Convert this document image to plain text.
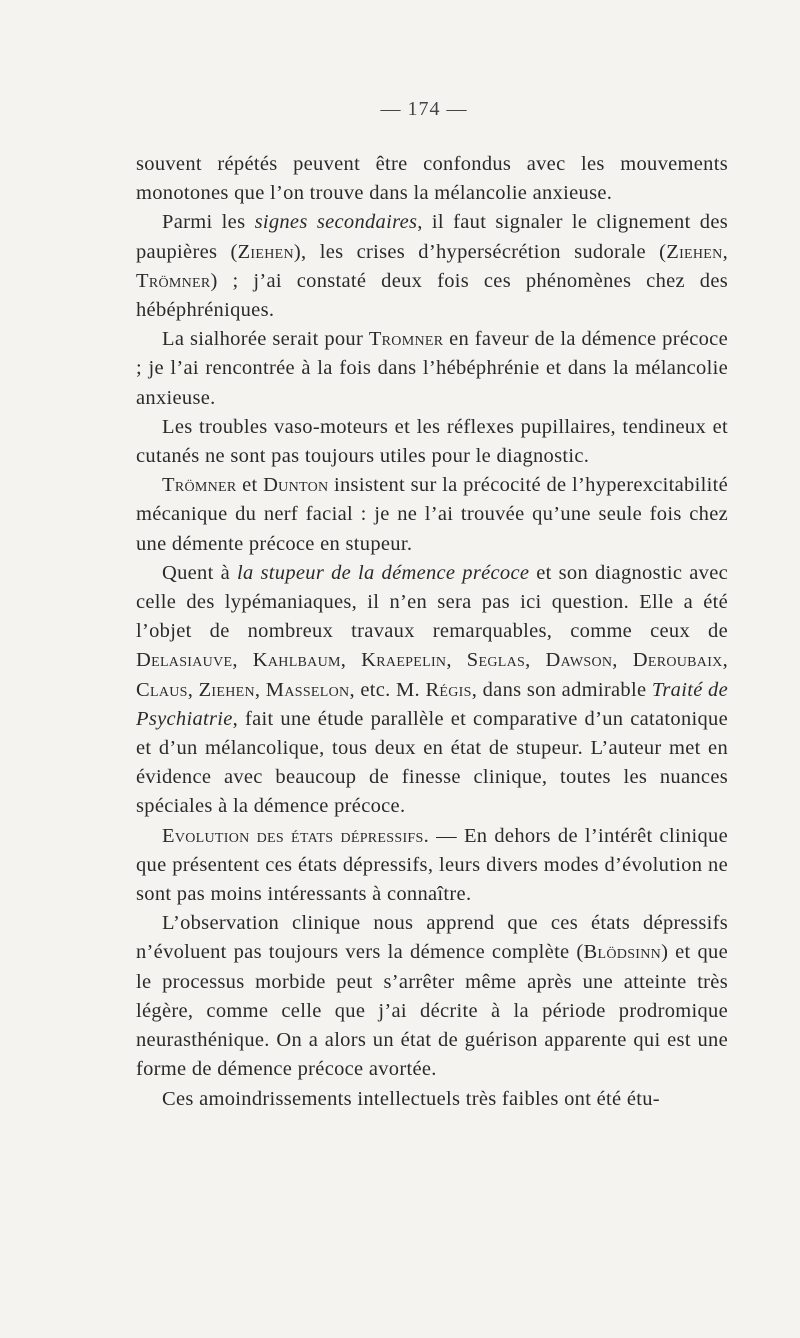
— 174 —

souvent répétés peuvent être confondus avec les mouvements monotones que l’on trouve dans la mélancolie anxieuse.

Parmi les signes secondaires, il faut signaler le clignement des paupières (Ziehen), les crises d’hypersécrétion sudorale (Ziehen, Trömner) ; j’ai constaté deux fois ces phénomènes chez des hébéphréniques.

La sialhorée serait pour Tromner en faveur de la démence précoce ; je l’ai rencontrée à la fois dans l’hébéphrénie et dans la mélancolie anxieuse.

Les troubles vaso-moteurs et les réflexes pupillaires, tendineux et cutanés ne sont pas toujours utiles pour le diagnostic.

Trömner et Dunton insistent sur la précocité de l’hyperexcitabilité mécanique du nerf facial : je ne l’ai trouvée qu’une seule fois chez une démente précoce en stupeur.

Quent à la stupeur de la démence précoce et son diagnostic avec celle des lypémaniaques, il n’en sera pas ici question. Elle a été l’objet de nombreux travaux remarquables, comme ceux de Delasiauve, Kahlbaum, Kraepelin, Seglas, Dawson, Deroubaix, Claus, Ziehen, Masselon, etc. M. Régis, dans son admirable Traité de Psychiatrie, fait une étude parallèle et comparative d’un catatonique et d’un mélancolique, tous deux en état de stupeur. L’auteur met en évidence avec beaucoup de finesse clinique, toutes les nuances spéciales à la démence précoce.

Evolution des états dépressifs. — En dehors de l’intérêt clinique que présentent ces états dépressifs, leurs divers modes d’évolution ne sont pas moins intéressants à connaître.

L’observation clinique nous apprend que ces états dépressifs n’évoluent pas toujours vers la démence complète (Blödsinn) et que le processus morbide peut s’arrêter même après une atteinte très légère, comme celle que j’ai décrite à la période prodromique neurasthénique. On a alors un état de guérison apparente qui est une forme de démence précoce avortée.

Ces amoindrissements intellectuels très faibles ont été étu-
